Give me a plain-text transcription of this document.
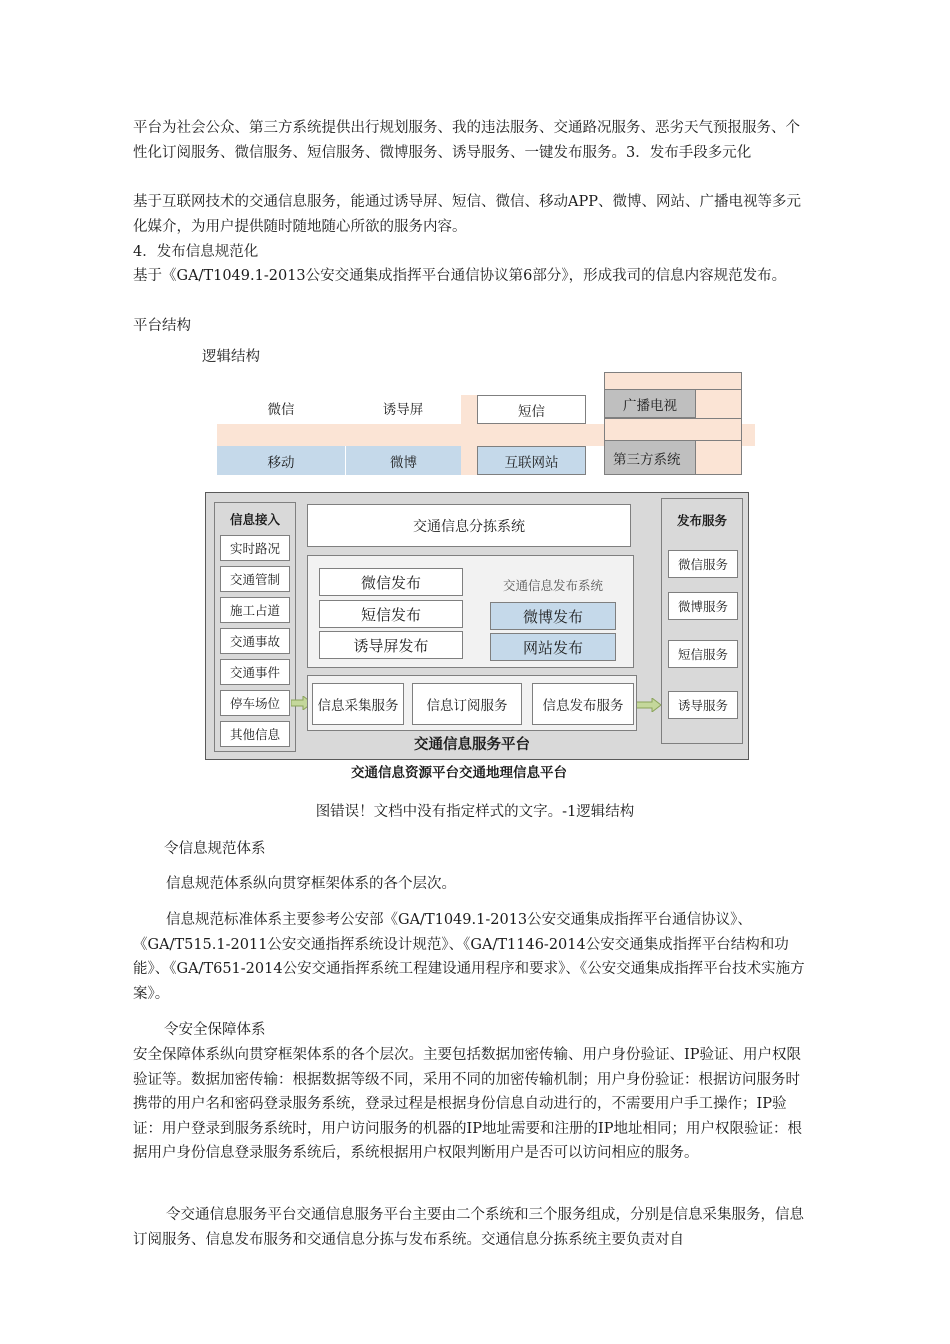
平台为社会公众、第三方系统提供出行规划服务、我的违法服务、交通路况服务、恶劣天气预报服务、个性化订阅服务、微信服务、短信服务、微博服务、诱导服务、一键发布服务。3．发布手段多元化

基于互联网技术的交通信息服务，能通过诱导屏、短信、微信、移动APP、微博、网站、广播电视等多元化媒介，为用户提供随时随地随心所欲的服务内容。

4．发布信息规范化

基于《GA/T1049.1-2013公安交通集成指挥平台通信协议第6部分》，形成我司的信息内容规范发布。

平台结构
逻辑结构
微信	诱导屏	短信
移动	微博	互联网站
广播电视
第三方系统
信息接入
实时路况
交通管制
施工占道
交通事故
交通事件
停车场位
其他信息
交通信息分拣系统
微信发布
短信发布
诱导屏发布
交通信息发布系统
微博发布
网站发布
信息采集服务	信息订阅服务	信息发布服务
交通信息服务平台
发布服务
微信服务
微博服务
短信服务
诱导服务
交通信息资源平台交通地理信息平台
图错误！文档中没有指定样式的文字。-1逻辑结构
令信息规范体系
信息规范体系纵向贯穿框架体系的各个层次。

信息规范标准体系主要参考公安部《GA/T1049.1-2013公安交通集成指挥平台通信协议》、《GA/T515.1-2011公安交通指挥系统设计规范》、《GA/T1146-2014公安交通集成指挥平台结构和功能》、《GA/T651-2014公安交通指挥系统工程建设通用程序和要求》、《公安交通集成指挥平台技术实施方案》。

令安全保障体系

安全保障体系纵向贯穿框架体系的各个层次。主要包括数据加密传输、用户身份验证、IP验证、用户权限验证等。数据加密传输：根据数据等级不同，采用不同的加密传输机制；用户身份验证：根据访问服务时携带的用户名和密码登录服务系统，登录过程是根据身份信息自动进行的，不需要用户手工操作；IP验证：用户登录到服务系统时，用户访问服务的机器的IP地址需要和注册的IP地址相同；用户权限验证：根据用户身份信息登录服务系统后，系统根据用户权限判断用户是否可以访问相应的服务。

令交通信息服务平台交通信息服务平台主要由二个系统和三个服务组成，分别是信息采集服务，信息订阅服务、信息发布服务和交通信息分拣与发布系统。交通信息分拣系统主要负责对自
